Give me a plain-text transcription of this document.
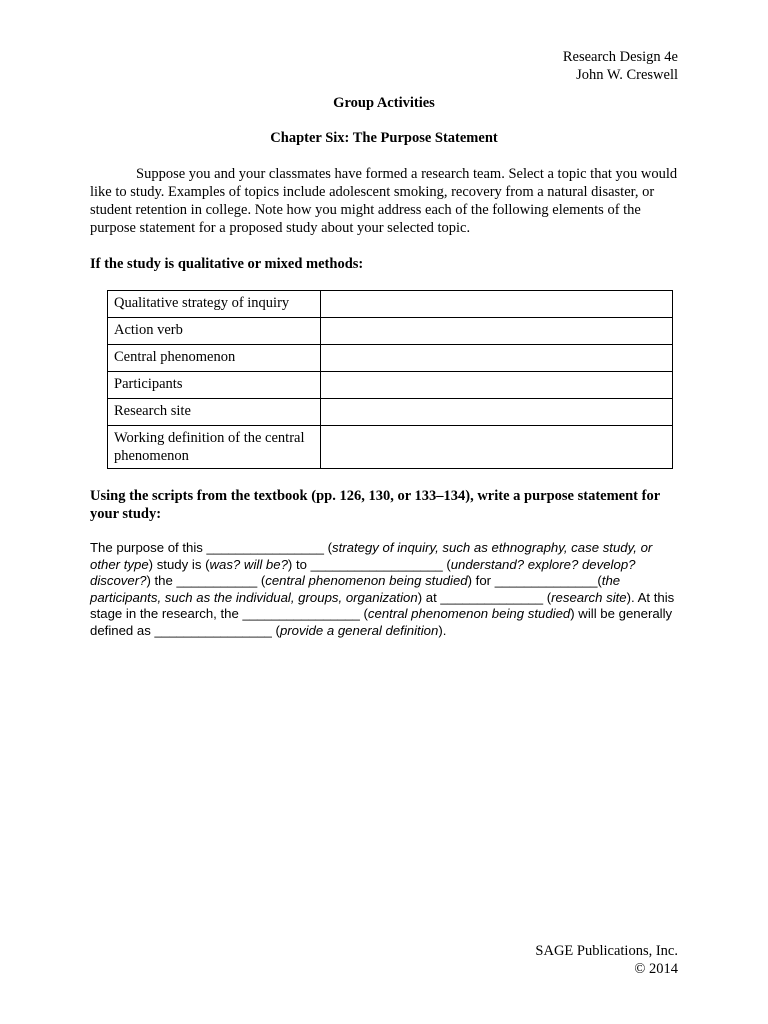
Research Design 4e
John W. Creswell
Group Activities
Chapter Six: The Purpose Statement

Suppose you and your classmates have formed a research team. Select a topic that you would like to study. Examples of topics include adolescent smoking, recovery from a natural disaster, or student retention in college. Note how you might address each of the following elements of the purpose statement for a proposed study about your selected topic.

If the study is qualitative or mixed methods:
Qualitative strategy of inquiry	
Action verb	
Central phenomenon	
Participants	
Research site	
Working definition of the central phenomenon	
Using the scripts from the textbook (pp. 126, 130, or 133–134), write a purpose statement for your study:

The purpose of this ________________ (strategy of inquiry, such as ethnography, case study, or other type) study is (was? will be?) to __________________ (understand? explore? develop? discover?) the ___________ (central phenomenon being studied) for ______________(the participants, such as the individual, groups, organization) at ______________ (research site). At this stage in the research, the ________________ (central phenomenon being studied) will be generally defined as ________________ (provide a general definition).

SAGE Publications, Inc.
© 2014
